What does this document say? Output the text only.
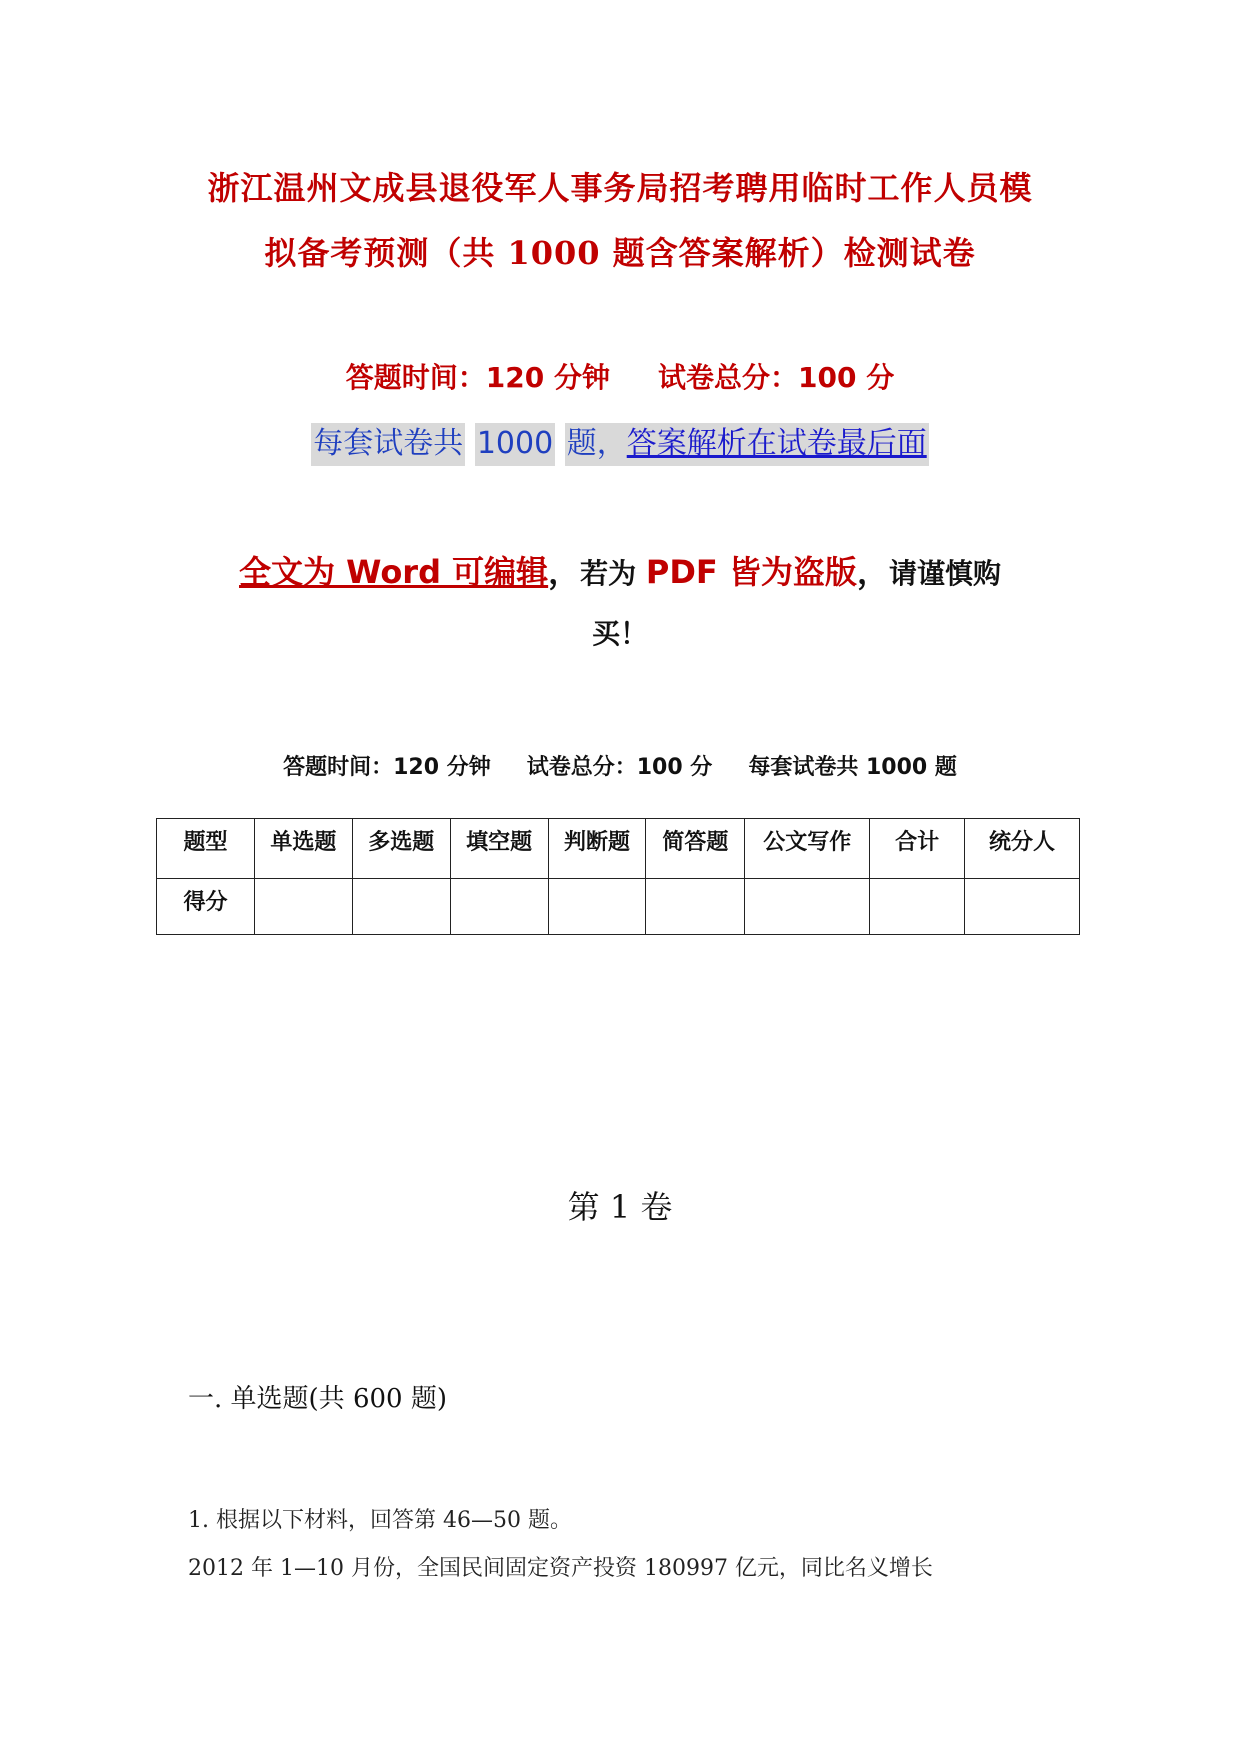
浙江温州文成县退役军人事务局招考聘用临时工作人员模
拟备考预测（共 1000 题含答案解析）检测试卷
答题时间：120 分钟 试卷总分：100 分
每套试卷共 1000 题，答案解析在试卷最后面
全文为 Word 可编辑，若为 PDF 皆为盗版，请谨慎购
买！
答题时间：120 分钟 试卷总分：100 分 每套试卷共 1000 题
题型	单选题	多选题	填空题	判断题	简答题	公文写作	合计	统分人
得分								
第 1 卷
一. 单选题(共 600 题)
1. 根据以下材料，回答第 46—50 题。
2012 年 1—10 月份，全国民间固定资产投资 180997 亿元，同比名义增长
